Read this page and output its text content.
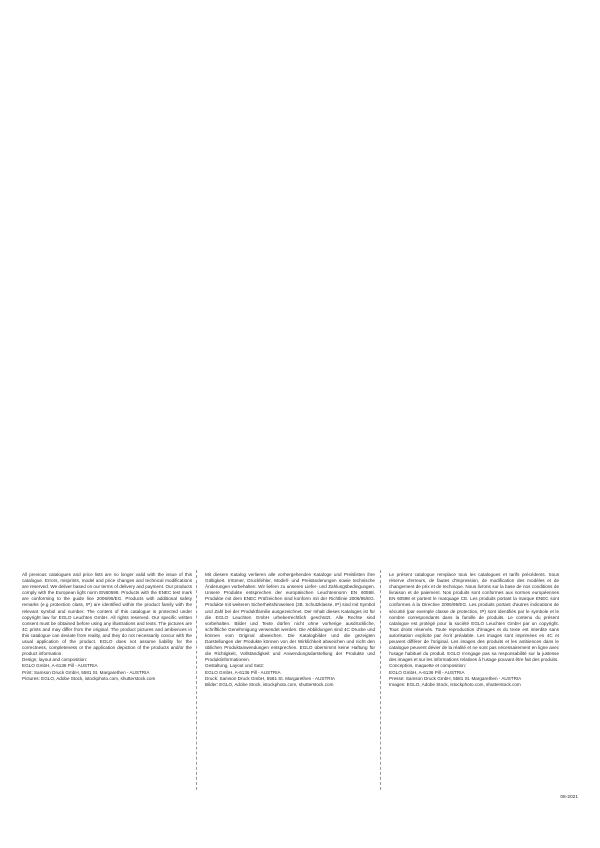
All previous catalogues and price lists are no longer valid with the issue of this catalogue. Errors, misprints, model and price changes and technical modifications are reserved. We deliver based on our terms of delivery and payment. Our products comply with the European light norm EN60598. Products with the ENEC test mark are conforming to the guide line 2006/95/EG. Products with additional safety remarks (e.g protection class, IP) are identified within the product family with the relevant symbol and number. The content of this catalogue is protected under copyright law for EGLO Leuchten GmbH. All rights reserved. Our specific written consent must be obtained before using any illustrations and texts. The pictures are 4C prints and may differ from the original. The product pictures and ambiences in this catalogue can deviate from reality, and they do not necessarily concur with the usual application of the product. EGLO does not assume liability for the correctness, completeness or the application depiction of the products and/or the product information.

Design, layout and composition:

EGLO GmbH, A-6136 Pill - AUSTRIA

Print: Samson Druck GmbH, 5581 St. Margarethen - AUSTRIA

Pictures: EGLO, Adobe Stock, istockphoto.com, shutterstock.com

Mit diesem Katalog verlieren alle vorhergehenden Kataloge und Preislisten ihre Gültigkeit. Irrtümer, Druckfehler, Modell- und Preisänderungen sowie technische Änderungen vorbehalten. Wir liefern zu unseren Liefer- und Zahlungsbedingungen. Unsere Produkte entsprechen der europäischen Leuchtennorm EN 60598. Produkte mit dem ENEC Prüfzeichen sind konform mit der Richtlinie 2006/95/EG. Produkte mit weiteren Sicherheitshinweisen (zB. Schutzklasse, IP) sind mit Symbol und Zahl bei der Produktfamilie ausgezeichnet. Der Inhalt dieses Kataloges ist für die EGLO Leuchten GmbH urheberrechtlich geschützt. Alle Rechte sind vorbehalten. Bilder und Texte dürfen nicht ohne vorherige ausdrückliche, schriftliche Genehmigung verwendet werden. Die Abbildungen sind 4C Drucke und können vom Original abweichen. Die Katalogbilder und die gezeigten Darstellungen der Produkte können von der Wirklichkeit abweichen und nicht den üblichen Produktanwendungen entsprechen. EGLO übernimmt keine Haftung für die Richtigkeit, Vollständigkeit und Anwendungsdarstellung der Produkte und Produktinformationen.

Gestaltung, Layout und Satz:

EGLO GmbH, A-6136 Pill - AUSTRIA

Druck: Samson Druck GmbH, 5581 St. Margarethen - AUSTRIA

Bilder: EGLO, Adobe Stock, istockphoto.com, shutterstock.com

Le présent catalogue remplace tous les catalogues et tarifs précédents. Sous réserve d'erreurs, de fautes d'impression, de modification des modèles et de changement de prix et de technique. Nous livrons sur la base de nos conditions de livraison et de paiement. Nos produits sont conformes aux normes européennes EN 60598 et portent le marquage CE. Les produits portant la marque ENEC sont conformes à la Directive 2006/95/EG. Les produits portant d'autres indications de sécurité (par exemple classe de protection, IP) sont identifiés par le symbole et le nombre correspondants dans la famille de produits. Le contenu du présent catalogue est protégé pour la société EGLO Leuchten GmbH par un copyright. Tous droits réservés. Toute reproduction d'images et du texte est interdite sans autorisation explicite par écrit préalable. Les images sont imprimées en 4C et peuvent différer de l'original. Les images des produits et les ambiences dans le catalogue peuvent dévier de la réalité et ne sont pas nécessairement en ligne avec l'usage habituel du produit. EGLO n'engage pas sa responsabilité sur la justesse des images et sur les informations relatives à l'usage pouvant être fait des produits.

Conception, maquette et composition:

EGLO GmbH, A-6136 Pill - AUSTRIA

Presse: Samson Druck GmbH, 5581 St. Margarethen - AUSTRIA

Images: EGLO, Adobe Stock, istockphoto.com, shutterstock.com

08-2021
